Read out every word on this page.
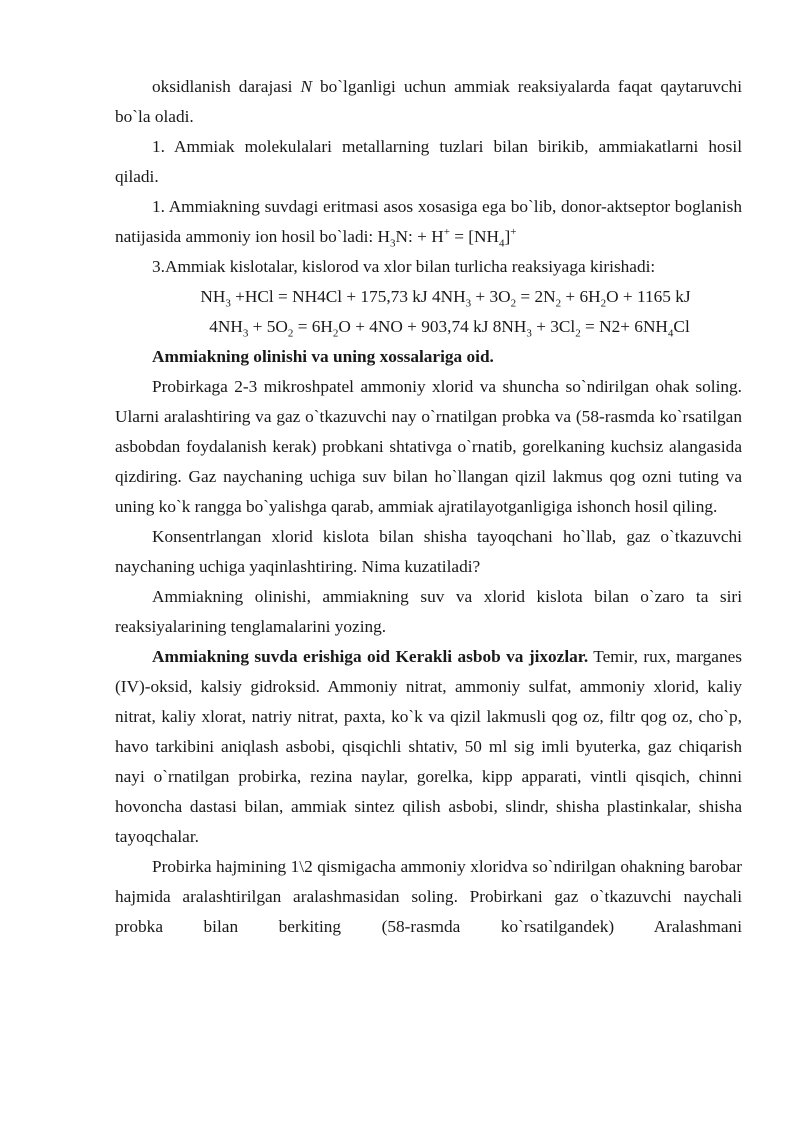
oksidlanish darajasi N bo`lganligi uchun ammiak reaksiyalarda faqat qaytaruvchi bo`la oladi.

1. Ammiak molekulalari metallarning tuzlari bilan birikib, ammiakatlarni hosil qiladi.

1. Ammiakning suvdagi eritmasi asos xosasiga ega bo`lib, donor-aktseptor boglanish natijasida ammoniy ion hosil bo`ladi: $H_3N$: + $H^+ = [NH_4]^+$

3.Ammiak kislotalar, kislorod va xlor bilan turlicha reaksiyaga kirishadi:

$NH_3 +HCl = NH4Cl + 175,73$ kJ $4NH_3 + 3O_2 = 2N_2 + 6H_2O + 1165$ kJ

$4NH_3 + 5O_2 = 6H_2O + 4NO + 903,74$ kJ $8NH_3 + 3Cl_2 = N2+ 6NH_4Cl$

Ammiakning olinishi va uning xossalariga oid.

Probirkaga 2-3 mikroshpatel ammoniy xlorid va shuncha so`ndirilgan ohak soling. Ularni aralashtiring va gaz o`tkazuvchi nay o`rnatilgan probka va (58-rasmda ko`rsatilgan asbobdan foydalanish kerak) probkani shtativga o`rnatib, gorelkaning kuchsiz alangasida qizdiring. Gaz naychaning uchiga suv bilan ho`llangan qizil lakmus qog ozni tuting va uning ko`k rangga bo`yalishga qarab, ammiak ajratilayotganligiga ishonch hosil qiling.

Konsentrlangan xlorid kislota bilan shisha tayoqchani ho`llab, gaz o`tkazuvchi naychaning uchiga yaqinlashtiring. Nima kuzatiladi?

Ammiakning olinishi, ammiakning suv va xlorid kislota bilan o`zaro ta siri reaksiyalarining tenglamalarini yozing.

Ammiakning suvda erishiga oid Kerakli asbob va jixozlar. Temir, rux, marganes (IV)-oksid, kalsiy gidroksid. Ammoniy nitrat, ammoniy sulfat, ammoniy xlorid, kaliy nitrat, kaliy xlorat, natriy nitrat, paxta, ko`k va qizil lakmusli qog oz, filtr qog oz, cho`p, havo tarkibini aniqlash asbobi, qisqichli shtativ, 50 ml sig imli byuterka, gaz chiqarish nayi o`rnatilgan probirka, rezina naylar, gorelka, kipp apparati, vintli qisqich, chinni hovoncha dastasi bilan, ammiak sintez qilish asbobi, slindr, shisha plastinkalar, shisha tayoqchalar.

Probirka hajmining 1\2 qismigacha ammoniy xloridva so`ndirilgan ohakning barobar hajmida aralashtirilgan aralashmasidan soling. Probirkani gaz o`tkazuvchi naychali probka bilan berkiting (58-rasmda ko`rsatilgandek) Aralashmani
